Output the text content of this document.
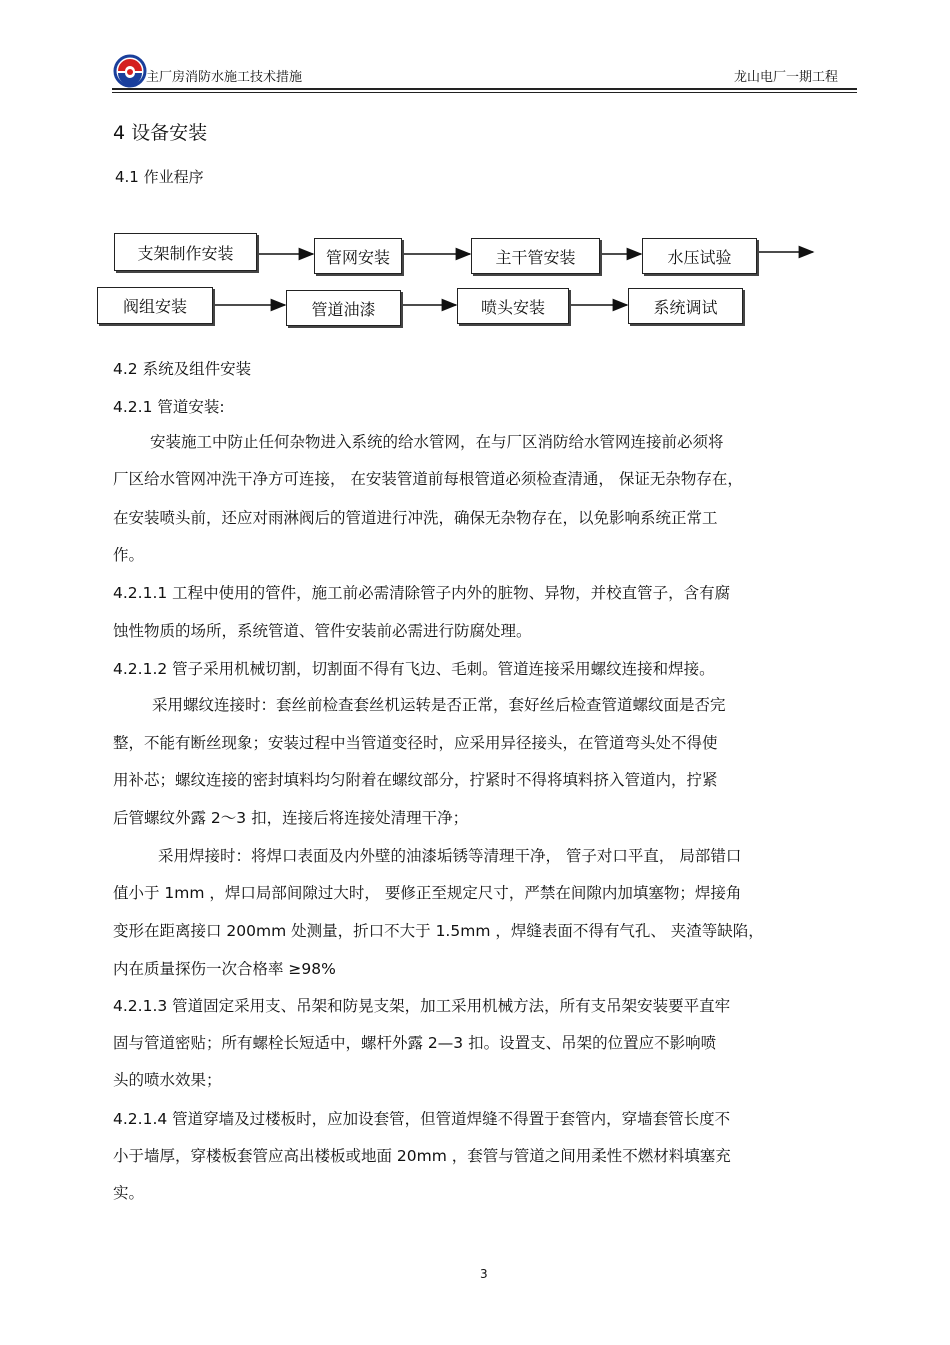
主厂房消防水施工技术措施	龙山电厂一期工程
4 设备安装
4.1 作业程序
支架制作安装	管网安装	主干管安装	水压试验
阀组安装	管道油漆	喷头安装	系统调试
4.2 系统及组件安装
4.2.1 管道安装:
安装施工中防止任何杂物进入系统的给水管网，在与厂区消防给水管网连接前必须将
厂区给水管网冲洗干净方可连接， 在安装管道前每根管道必须检查清通， 保证无杂物存在，
在安装喷头前，还应对雨淋阀后的管道进行冲洗，确保无杂物存在，以免影响系统正常工
作。
4.2.1.1 工程中使用的管件，施工前必需清除管子内外的脏物、异物，并校直管子，含有腐
蚀性物质的场所，系统管道、管件安装前必需进行防腐处理。
4.2.1.2 管子采用机械切割，切割面不得有飞边、毛刺。管道连接采用螺纹连接和焊接。
采用螺纹连接时：套丝前检查套丝机运转是否正常，套好丝后检查管道螺纹面是否完
整，不能有断丝现象；安装过程中当管道变径时，应采用异径接头，在管道弯头处不得使
用补芯；螺纹连接的密封填料均匀附着在螺纹部分，拧紧时不得将填料挤入管道内，拧紧
后管螺纹外露 2～3 扣，连接后将连接处清理干净；
采用焊接时：将焊口表面及内外壁的油漆垢锈等清理干净， 管子对口平直， 局部错口
值小于 1mm ，焊口局部间隙过大时， 要修正至规定尺寸，严禁在间隙内加填塞物；焊接角
变形在距离接口 200mm 处测量，折口不大于 1.5mm ，焊缝表面不得有气孔、 夹渣等缺陷，
内在质量探伤一次合格率 ≥98%
4.2.1.3 管道固定采用支、吊架和防晃支架，加工采用机械方法，所有支吊架安装要平直牢
固与管道密贴；所有螺栓长短适中，螺杆外露 2—3 扣。设置支、吊架的位置应不影响喷
头的喷水效果；
4.2.1.4 管道穿墙及过楼板时，应加设套管，但管道焊缝不得置于套管内，穿墙套管长度不
小于墙厚，穿楼板套管应高出楼板或地面 20mm ，套管与管道之间用柔性不燃材料填塞充
实。
3
